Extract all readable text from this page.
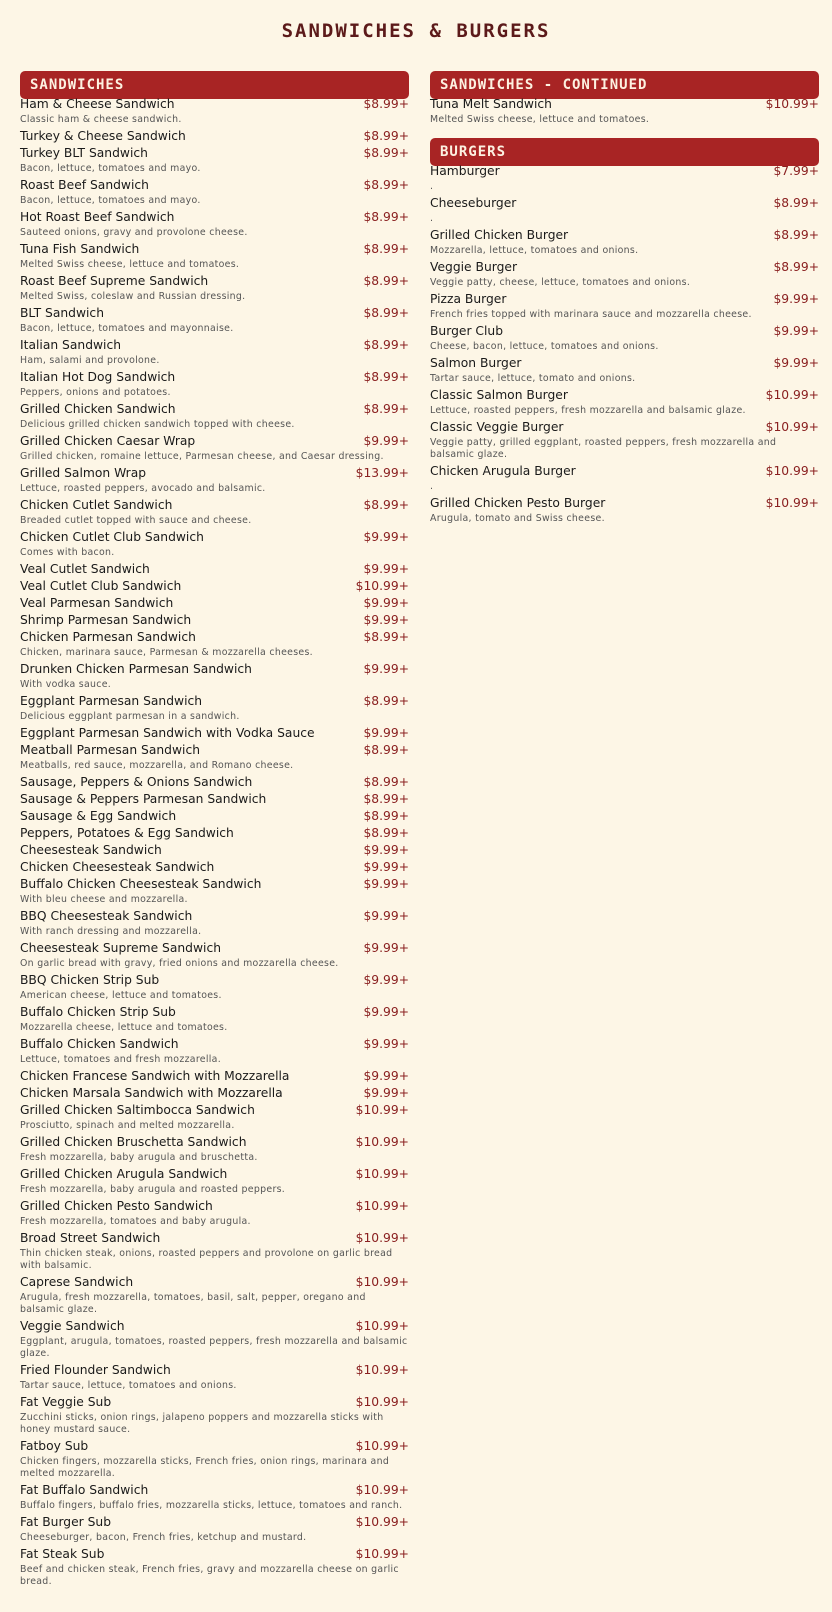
SANDWICHES & BURGERS
SANDWICHES
Ham & Cheese Sandwich	$8.99+
Classic ham & cheese sandwich.
Turkey & Cheese Sandwich	$8.99+
Turkey BLT Sandwich	$8.99+
Bacon, lettuce, tomatoes and mayo.
Roast Beef Sandwich	$8.99+
Bacon, lettuce, tomatoes and mayo.
Hot Roast Beef Sandwich	$8.99+
Sauteed onions, gravy and provolone cheese.
Tuna Fish Sandwich	$8.99+
Melted Swiss cheese, lettuce and tomatoes.
Roast Beef Supreme Sandwich	$8.99+
Melted Swiss, coleslaw and Russian dressing.
BLT Sandwich	$8.99+
Bacon, lettuce, tomatoes and mayonnaise.
Italian Sandwich	$8.99+
Ham, salami and provolone.
Italian Hot Dog Sandwich	$8.99+
Peppers, onions and potatoes.
Grilled Chicken Sandwich	$8.99+
Delicious grilled chicken sandwich topped with cheese.
Grilled Chicken Caesar Wrap	$9.99+
Grilled chicken, romaine lettuce, Parmesan cheese, and Caesar dressing.
Grilled Salmon Wrap	$13.99+
Lettuce, roasted peppers, avocado and balsamic.
Chicken Cutlet Sandwich	$8.99+
Breaded cutlet topped with sauce and cheese.
Chicken Cutlet Club Sandwich	$9.99+
Comes with bacon.
Veal Cutlet Sandwich	$9.99+
Veal Cutlet Club Sandwich	$10.99+
Veal Parmesan Sandwich	$9.99+
Shrimp Parmesan Sandwich	$9.99+
Chicken Parmesan Sandwich	$8.99+
Chicken, marinara sauce, Parmesan & mozzarella cheeses.
Drunken Chicken Parmesan Sandwich	$9.99+
With vodka sauce.
Eggplant Parmesan Sandwich	$8.99+
Delicious eggplant parmesan in a sandwich.
Eggplant Parmesan Sandwich with Vodka Sauce	$9.99+
Meatball Parmesan Sandwich	$8.99+
Meatballs, red sauce, mozzarella, and Romano cheese.
Sausage, Peppers & Onions Sandwich	$8.99+
Sausage & Peppers Parmesan Sandwich	$8.99+
Sausage & Egg Sandwich	$8.99+
Peppers, Potatoes & Egg Sandwich	$8.99+
Cheesesteak Sandwich	$9.99+
Chicken Cheesesteak Sandwich	$9.99+
Buffalo Chicken Cheesesteak Sandwich	$9.99+
With bleu cheese and mozzarella.
BBQ Cheesesteak Sandwich	$9.99+
With ranch dressing and mozzarella.
Cheesesteak Supreme Sandwich	$9.99+
On garlic bread with gravy, fried onions and mozzarella cheese.
BBQ Chicken Strip Sub	$9.99+
American cheese, lettuce and tomatoes.
Buffalo Chicken Strip Sub	$9.99+
Mozzarella cheese, lettuce and tomatoes.
Buffalo Chicken Sandwich	$9.99+
Lettuce, tomatoes and fresh mozzarella.
Chicken Francese Sandwich with Mozzarella	$9.99+
Chicken Marsala Sandwich with Mozzarella	$9.99+
Grilled Chicken Saltimbocca Sandwich	$10.99+
Prosciutto, spinach and melted mozzarella.
Grilled Chicken Bruschetta Sandwich	$10.99+
Fresh mozzarella, baby arugula and bruschetta.
Grilled Chicken Arugula Sandwich	$10.99+
Fresh mozzarella, baby arugula and roasted peppers.
Grilled Chicken Pesto Sandwich	$10.99+
Fresh mozzarella, tomatoes and baby arugula.
Broad Street Sandwich	$10.99+
Thin chicken steak, onions, roasted peppers and provolone on garlic bread with balsamic.
Caprese Sandwich	$10.99+
Arugula, fresh mozzarella, tomatoes, basil, salt, pepper, oregano and balsamic glaze.
Veggie Sandwich	$10.99+
Eggplant, arugula, tomatoes, roasted peppers, fresh mozzarella and balsamic glaze.
Fried Flounder Sandwich	$10.99+
Tartar sauce, lettuce, tomatoes and onions.
Fat Veggie Sub	$10.99+
Zucchini sticks, onion rings, jalapeno poppers and mozzarella sticks with honey mustard sauce.
Fatboy Sub	$10.99+
Chicken fingers, mozzarella sticks, French fries, onion rings, marinara and melted mozzarella.
Fat Buffalo Sandwich	$10.99+
Buffalo fingers, buffalo fries, mozzarella sticks, lettuce, tomatoes and ranch.
Fat Burger Sub	$10.99+
Cheeseburger, bacon, French fries, ketchup and mustard.
Fat Steak Sub	$10.99+
Beef and chicken steak, French fries, gravy and mozzarella cheese on garlic bread.
SANDWICHES - CONTINUED
Tuna Melt Sandwich	$10.99+
Melted Swiss cheese, lettuce and tomatoes.
BURGERS
Hamburger	$7.99+
.
Cheeseburger	$8.99+
.
Grilled Chicken Burger	$8.99+
Mozzarella, lettuce, tomatoes and onions.
Veggie Burger	$8.99+
Veggie patty, cheese, lettuce, tomatoes and onions.
Pizza Burger	$9.99+
French fries topped with marinara sauce and mozzarella cheese.
Burger Club	$9.99+
Cheese, bacon, lettuce, tomatoes and onions.
Salmon Burger	$9.99+
Tartar sauce, lettuce, tomato and onions.
Classic Salmon Burger	$10.99+
Lettuce, roasted peppers, fresh mozzarella and balsamic glaze.
Classic Veggie Burger	$10.99+
Veggie patty, grilled eggplant, roasted peppers, fresh mozzarella and balsamic glaze.
Chicken Arugula Burger	$10.99+
.
Grilled Chicken Pesto Burger	$10.99+
Arugula, tomato and Swiss cheese.
